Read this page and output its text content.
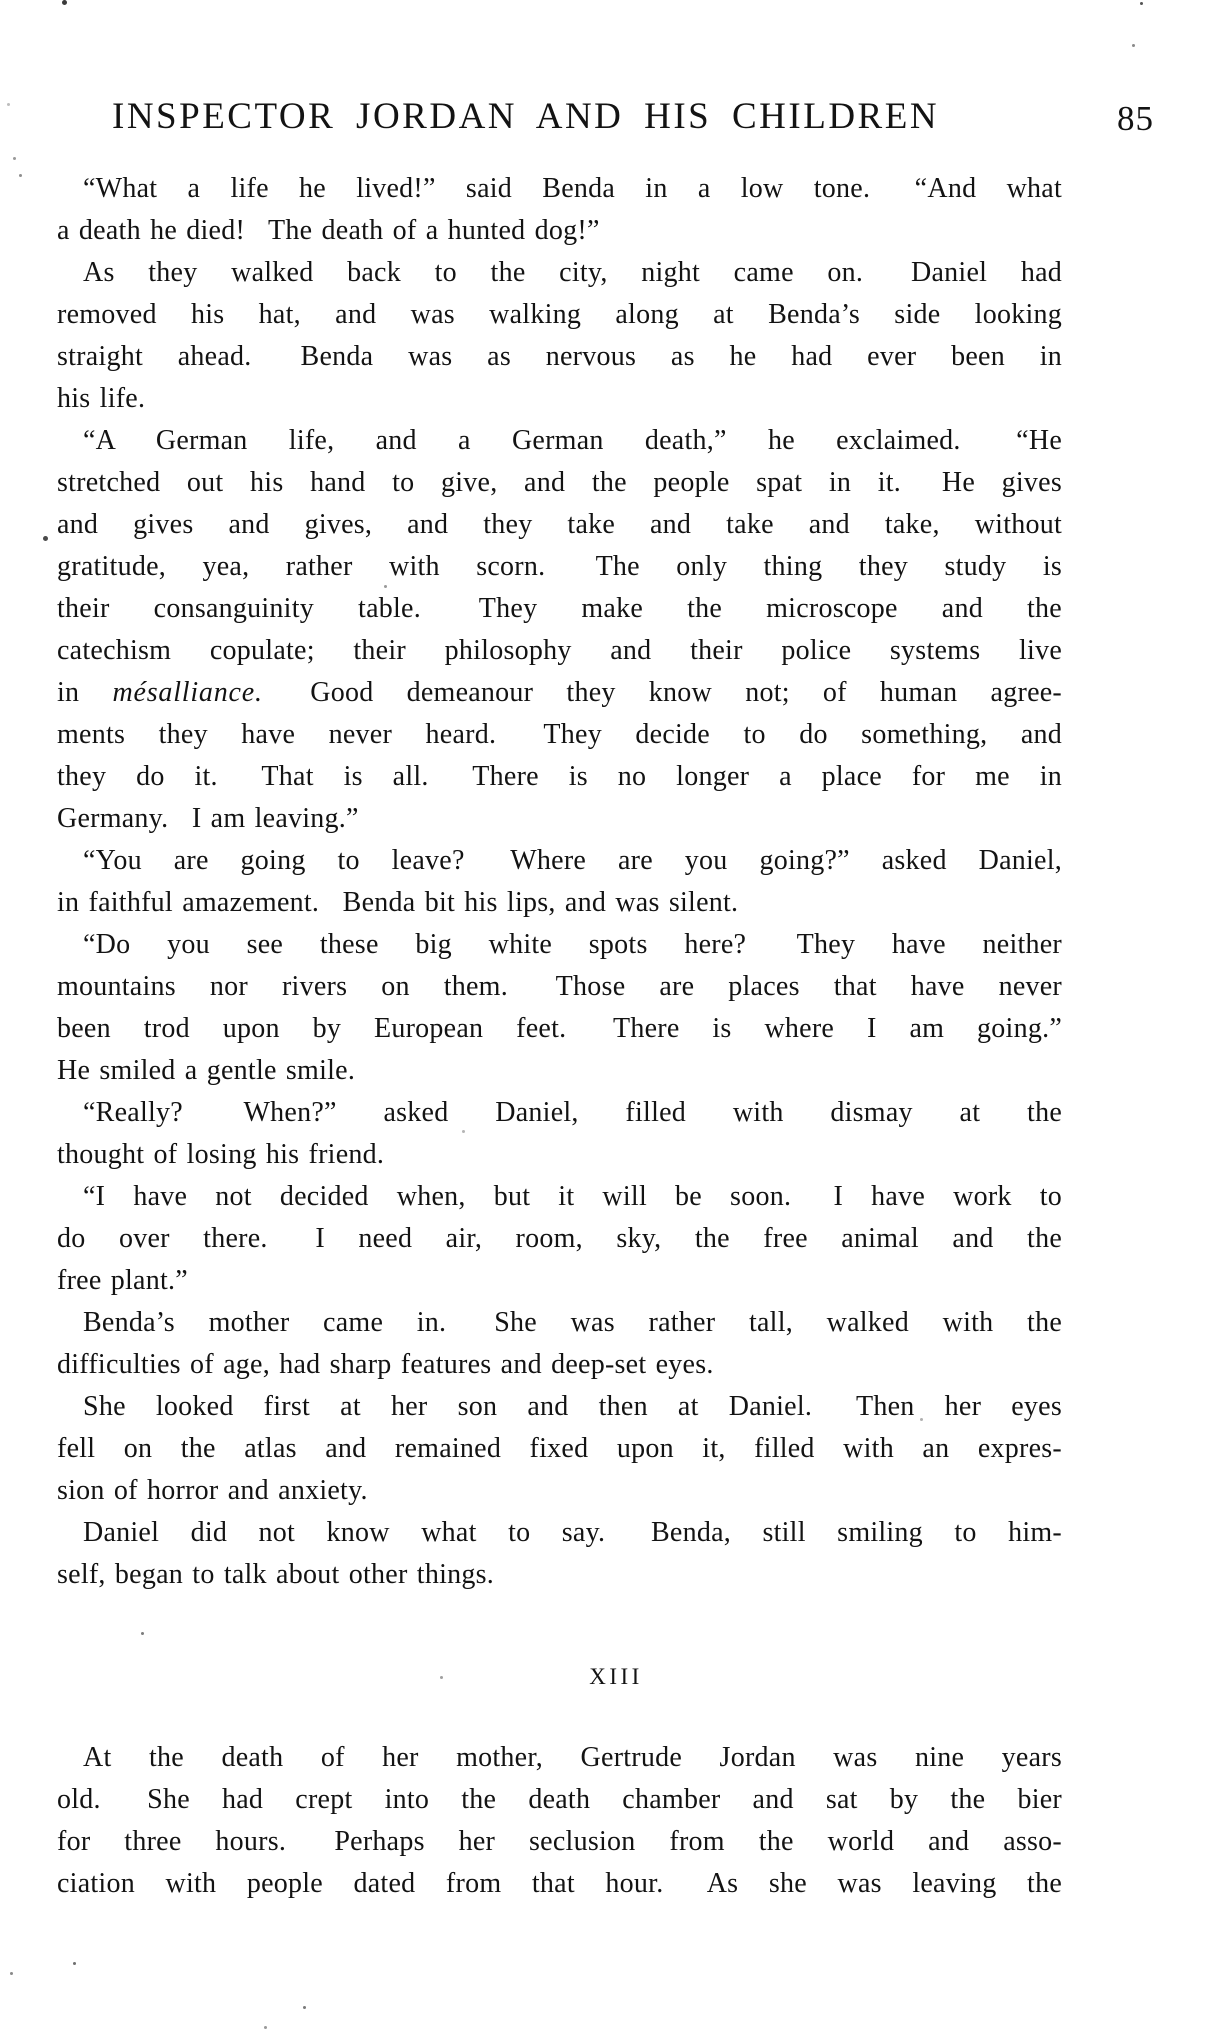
INSPECTOR JORDAN AND HIS CHILDREN	85
“What a life he lived!” said Benda in a low tone.  “And what
a death he died!  The death of a hunted dog!”
As they walked back to the city, night came on.  Daniel had
removed his hat, and was walking along at Benda’s side looking
straight ahead.  Benda was as nervous as he had ever been in
his life.
“A German life, and a German death,” he exclaimed.  “He
stretched out his hand to give, and the people spat in it.  He gives
and gives and gives, and they take and take and take, without
gratitude, yea, rather with scorn.  The only thing they study is
their consanguinity table.  They make the microscope and the
catechism copulate; their philosophy and their police systems live
in mésalliance.  Good demeanour they know not; of human agree-
ments they have never heard.  They decide to do something, and
they do it.  That is all.  There is no longer a place for me in
Germany.  I am leaving.”
“You are going to leave?  Where are you going?” asked Daniel,
in faithful amazement.  Benda bit his lips, and was silent.
“Do you see these big white spots here?  They have neither
mountains nor rivers on them.  Those are places that have never
been trod upon by European feet.  There is where I am going.”
He smiled a gentle smile.
“Really?  When?” asked Daniel, filled with dismay at the
thought of losing his friend.
“I have not decided when, but it will be soon.  I have work to
do over there.  I need air, room, sky, the free animal and the
free plant.”
Benda’s mother came in.  She was rather tall, walked with the
difficulties of age, had sharp features and deep-set eyes.
She looked first at her son and then at Daniel.  Then her eyes
fell on the atlas and remained fixed upon it, filled with an expres-
sion of horror and anxiety.
Daniel did not know what to say.  Benda, still smiling to him-
self, began to talk about other things.
XIII
At the death of her mother, Gertrude Jordan was nine years
old.  She had crept into the death chamber and sat by the bier
for three hours.  Perhaps her seclusion from the world and asso-
ciation with people dated from that hour.  As she was leaving the
